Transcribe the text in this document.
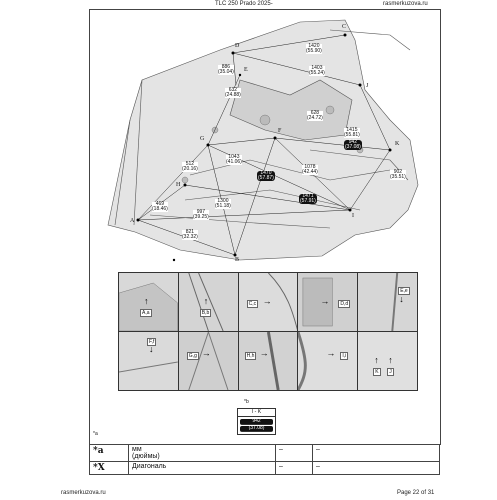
TLC 250 Prado 2025-	rasmerkuzova.ru
D
C
E
J
G
F
K
I
A
H
B
1420
(55.90)
886
(35.04)
1403
(55.24)
632
(24.88)
628
(24.72)
1415
(55.81)
942
(37.08)
1043
(41.06)
512
(20.16)
1470
(57.87)
1078
(42.44)	902
(35.51)
1471
(57.91)
469
(18.46)	997
(39.25)
1300
(51.18)
821
(32.32)
↑
A,a
↑
B,b
C,c →	→	D,d
E,e
↓
F,f
↓
G,g →	H,h →	→	I,i	↑ ↑
K	J
*b
I - K
942
(37.08)
*a
*a	мм
(дюймы)	–	–
*X	Диагональ	–	–
rasmerkuzova.ru	Page 22 of 31
